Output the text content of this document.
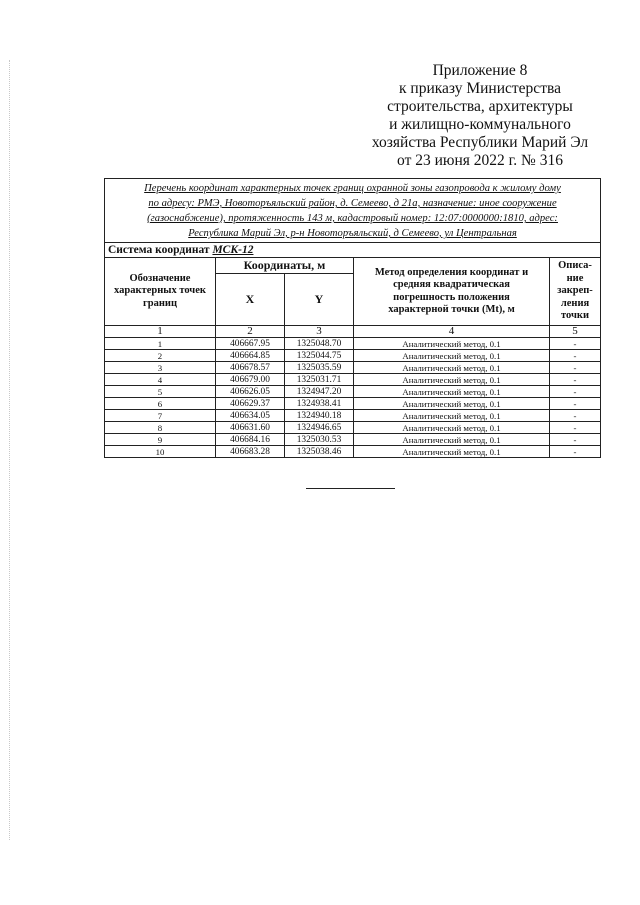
Приложение 8
к приказу Министерства
строительства, архитектуры
и жилищно-коммунального
хозяйства Республики Марий Эл
от 23 июня 2022 г. № 316
Перечень координат характерных точек границ охранной зоны газопровода к жилому дому
по адресу: РМЭ, Новоторъяльский район, д. Семеево, д 21а, назначение: иное сооружение
(газоснабжение), протяженность 143 м, кадастровый номер: 12:07:0000000:1810, адрес:
Республика Марий Эл, р-н Новоторъяльский, д Семеево, ул Центральная				
Система координат МСК-12				
Обозначение характерных точек границ	Координаты, м		Метод определения координат и средняя квадратическая погрешность положения характерной точки (Mt), м	Описа-ние закреп-ления точки
	X	Y		
1	2	3	4	5
1	406667.95	1325048.70	Аналитический метод, 0.1	-
2	406664.85	1325044.75	Аналитический метод, 0.1	-
3	406678.57	1325035.59	Аналитический метод, 0.1	-
4	406679.00	1325031.71	Аналитический метод, 0.1	-
5	406626.05	1324947.20	Аналитический метод, 0.1	-
6	406629.37	1324938.41	Аналитический метод, 0.1	-
7	406634.05	1324940.18	Аналитический метод, 0.1	-
8	406631.60	1324946.65	Аналитический метод, 0.1	-
9	406684.16	1325030.53	Аналитический метод, 0.1	-
10	406683.28	1325038.46	Аналитический метод, 0.1	-
